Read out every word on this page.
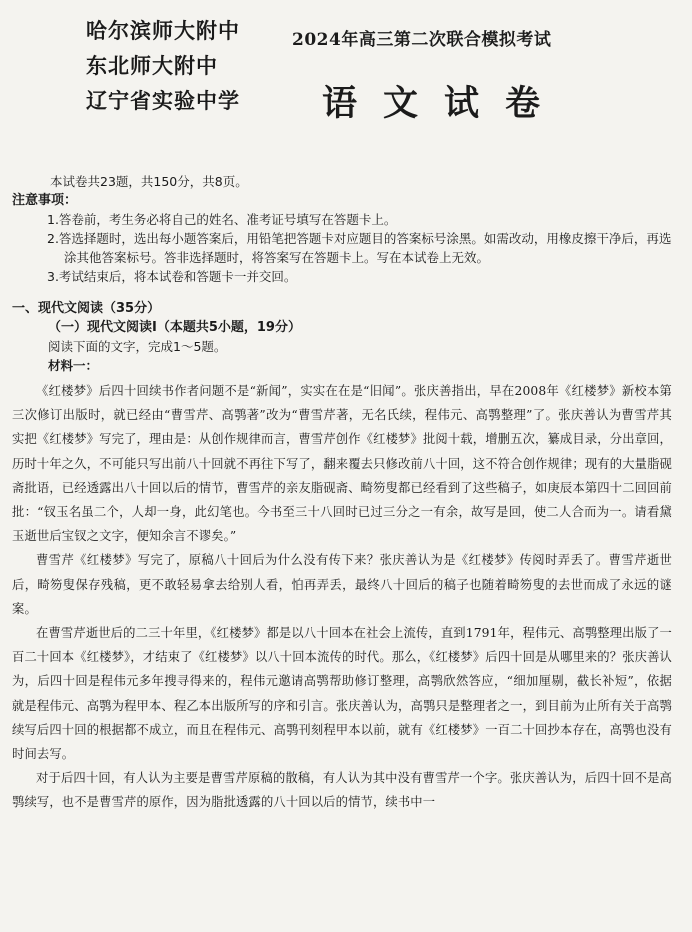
哈尔滨师大附中
东北师大附中
辽宁省实验中学
2024年高三第二次联合模拟考试
语文试卷
本试卷共23题，共150分，共8页。
注意事项：
1.答卷前，考生务必将自己的姓名、准考证号填写在答题卡上。
2.答选择题时，选出每小题答案后，用铅笔把答题卡对应题目的答案标号涂黑。如需改动，用橡皮擦干净后，再选涂其他答案标号。答非选择题时，将答案写在答题卡上。写在本试卷上无效。
3.考试结束后，将本试卷和答题卡一并交回。
一、现代文阅读（35分）
（一）现代文阅读Ⅰ（本题共5小题，19分）
阅读下面的文字，完成1～5题。
材料一：

《红楼梦》后四十回续书作者问题不是“新闻”，实实在在是“旧闻”。张庆善指出，早在2008年《红楼梦》新校本第三次修订出版时，就已经由“曹雪芹、高鹗著”改为“曹雪芹著，无名氏续，程伟元、高鹗整理”了。张庆善认为曹雪芹其实把《红楼梦》写完了，理由是：从创作规律而言，曹雪芹创作《红楼梦》批阅十载，增删五次，纂成目录，分出章回，历时十年之久，不可能只写出前八十回就不再往下写了，翻来覆去只修改前八十回，这不符合创作规律；现有的大量脂砚斋批语，已经透露出八十回以后的情节，曹雪芹的亲友脂砚斋、畸笏叟都已经看到了这些稿子，如庚辰本第四十二回回前批：“钗玉名虽二个，人却一身，此幻笔也。今书至三十八回时已过三分之一有余，故写是回，使二人合而为一。请看黛玉逝世后宝钗之文字，便知余言不谬矣。”

曹雪芹《红楼梦》写完了，原稿八十回后为什么没有传下来？张庆善认为是《红楼梦》传阅时弄丢了。曹雪芹逝世后，畸笏叟保存残稿，更不敢轻易拿去给别人看，怕再弄丢，最终八十回后的稿子也随着畸笏叟的去世而成了永远的谜案。

在曹雪芹逝世后的二三十年里，《红楼梦》都是以八十回本在社会上流传，直到1791年，程伟元、高鹗整理出版了一百二十回本《红楼梦》，才结束了《红楼梦》以八十回本流传的时代。那么，《红楼梦》后四十回是从哪里来的？张庆善认为，后四十回是程伟元多年搜寻得来的，程伟元邀请高鹗帮助修订整理，高鹗欣然答应，“细加厘剔，截长补短”，依据就是程伟元、高鹗为程甲本、程乙本出版所写的序和引言。张庆善认为，高鹗只是整理者之一，到目前为止所有关于高鹗续写后四十回的根据都不成立，而且在程伟元、高鹗刊刻程甲本以前，就有《红楼梦》一百二十回抄本存在，高鹗也没有时间去写。

对于后四十回，有人认为主要是曹雪芹原稿的散稿，有人认为其中没有曹雪芹一个字。张庆善认为，后四十回不是高鹗续写，也不是曹雪芹的原作，因为脂批透露的八十回以后的情节，续书中一
